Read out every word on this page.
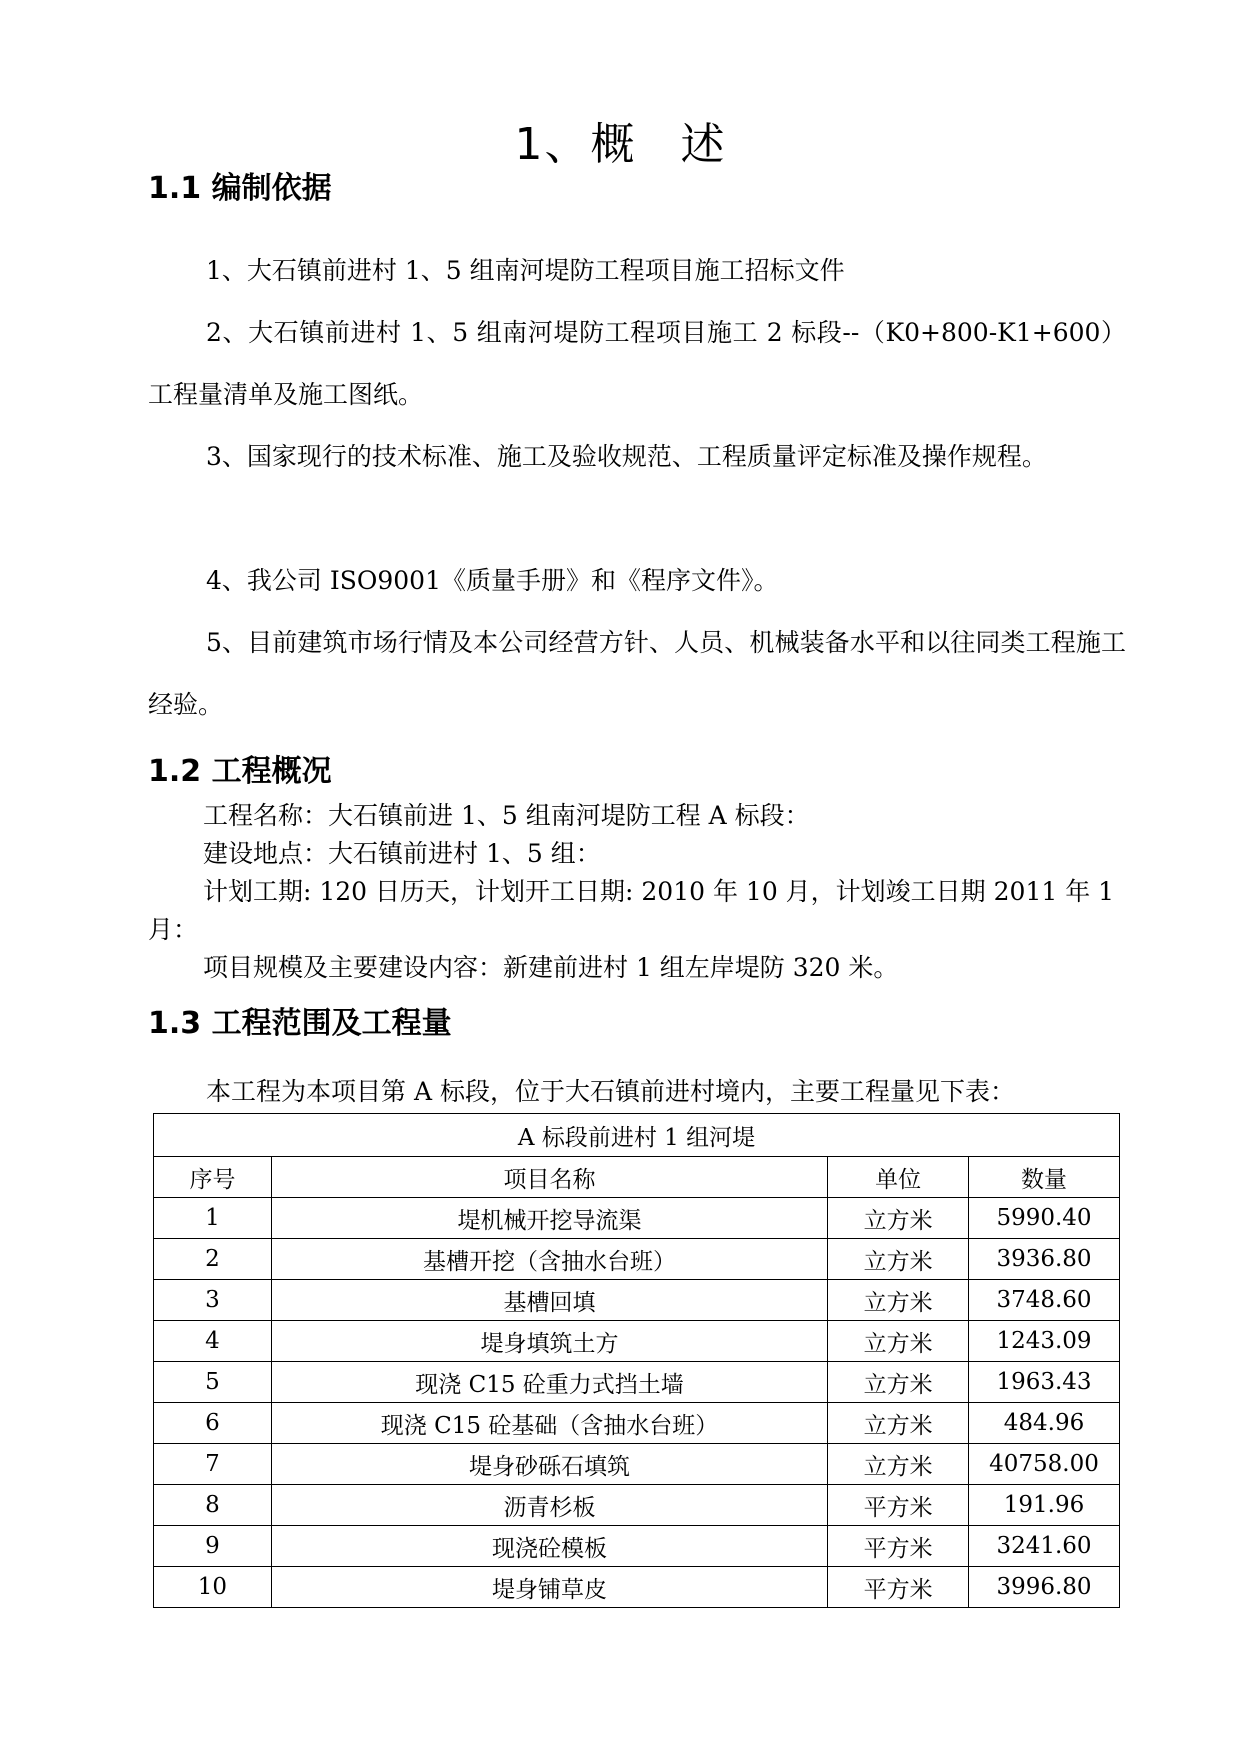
1、概 述
1.1 编制依据
1、大石镇前进村 1、5 组南河堤防工程项目施工招标文件
2、大石镇前进村 1、5 组南河堤防工程项目施工 2 标段--（K0+800-K1+600）工程量清单及施工图纸。
3、国家现行的技术标准、施工及验收规范、工程质量评定标准及操作规程。
4、我公司 ISO9001《质量手册》和《程序文件》。
5、目前建筑市场行情及本公司经营方针、人员、机械装备水平和以往同类工程施工经验。
1.2 工程概况
工程名称：大石镇前进 1、5 组南河堤防工程 A 标段：
建设地点：大石镇前进村 1、5 组：
计划工期: 120 日历天，计划开工日期: 2010 年 10 月，计划竣工日期 2011 年 1 月：
项目规模及主要建设内容：新建前进村 1 组左岸堤防 320 米。
1.3 工程范围及工程量
本工程为本项目第 A 标段，位于大石镇前进村境内，主要工程量见下表：
A 标段前进村 1 组河堤			
序号	项目名称	单位	数量
1	堤机械开挖导流渠	立方米	5990.40
2	基槽开挖（含抽水台班）	立方米	3936.80
3	基槽回填	立方米	3748.60
4	堤身填筑土方	立方米	1243.09
5	现浇 C15 砼重力式挡土墙	立方米	1963.43
6	现浇 C15 砼基础（含抽水台班）	立方米	484.96
7	堤身砂砾石填筑	立方米	40758.00
8	沥青杉板	平方米	191.96
9	现浇砼模板	平方米	3241.60
10	堤身铺草皮	平方米	3996.80
